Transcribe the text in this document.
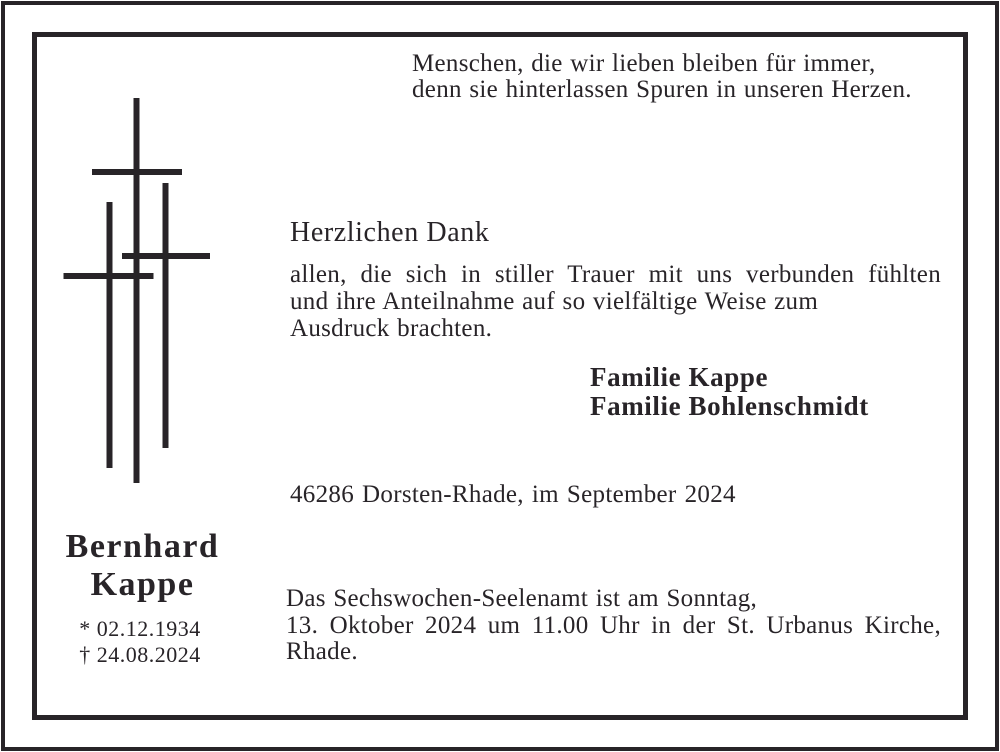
Menschen, die wir lieben bleiben für immer,
denn sie hinterlassen Spuren in unseren Herzen.
Herzlichen Dank
allen, die sich in stiller Trauer mit uns verbunden fühlten
und ihre Anteilnahme auf so vielfältige Weise zum
Ausdruck brachten.
Familie Kappe
Familie Bohlenschmidt
46286 Dorsten-Rhade, im September 2024
Bernhard
Kappe
* 02.12.1934
† 24.08.2024
Das Sechswochen-Seelenamt ist am Sonntag,
13. Oktober 2024 um 11.00 Uhr in der St. Urbanus Kirche,
Rhade.
